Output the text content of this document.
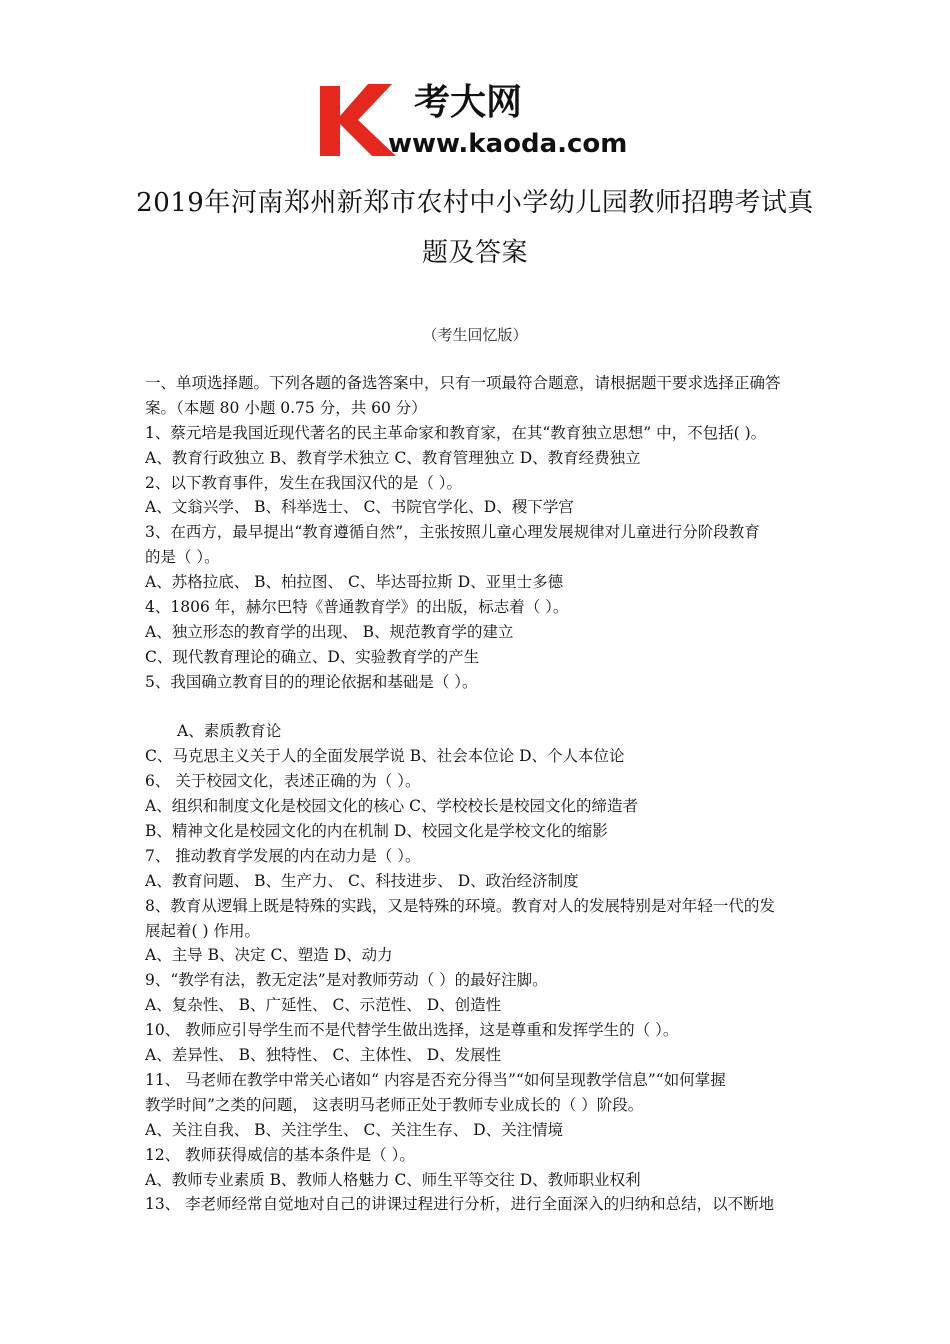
考大网
www.kaoda.com
2019年河南郑州新郑市农村中小学幼儿园教师招聘考试真
题及答案
（考生回忆版）
一、单项选择题。下列各题的备选答案中，只有一项最符合题意，请根据题干要求选择正确答
案。（本题 80 小题 0.75 分，共 60 分）
1、蔡元培是我国近现代著名的民主革命家和教育家，在其“教育独立思想” 中，不包括( )。
A、教育行政独立 B、教育学术独立 C、教育管理独立 D、教育经费独立
2、以下教育事件，发生在我国汉代的是（ ）。
A、文翁兴学、 B、科举选士、 C、书院官学化、D、稷下学宫
3、在西方，最早提出“教育遵循自然”，主张按照儿童心理发展规律对儿童进行分阶段教育
的是（ ）。
A、苏格拉底、 B、柏拉图、 C、毕达哥拉斯 D、亚里士多德
4、1806 年，赫尔巴特《普通教育学》的出版，标志着（ ）。
A、独立形态的教育学的出现、 B、规范教育学的建立
C、现代教育理论的确立、D、实验教育学的产生
5、我国确立教育目的的理论依据和基础是（ ）。
A、素质教育论
C、马克思主义关于人的全面发展学说 B、社会本位论 D、个人本位论
6、 关于校园文化，表述正确的为（ ）。
A、组织和制度文化是校园文化的核心 C、学校校长是校园文化的缔造者
B、精神文化是校园文化的内在机制 D、校园文化是学校文化的缩影
7、 推动教育学发展的内在动力是（ ）。
A、教育问题、 B、生产力、 C、科技进步、 D、政治经济制度
8、教育从逻辑上既是特殊的实践，又是特殊的环境。教育对人的发展特别是对年轻一代的发
展起着( ) 作用。
A、主导 B、决定 C、塑造 D、动力
9、“教学有法，教无定法”是对教师劳动（ ）的最好注脚。
A、复杂性、 B、广延性、 C、示范性、 D、创造性
10、 教师应引导学生而不是代替学生做出选择，这是尊重和发挥学生的（ ）。
A、差异性、 B、独特性、 C、主体性、 D、发展性
11、 马老师在教学中常关心诸如“ 内容是否充分得当”“如何呈现教学信息”“如何掌握
教学时间”之类的问题， 这表明马老师正处于教师专业成长的（ ）阶段。
A、关注自我、 B、关注学生、 C、关注生存、 D、关注情境
12、 教师获得威信的基本条件是（ ）。
A、教师专业素质 B、教师人格魅力 C、师生平等交往 D、教师职业权利
13、 李老师经常自觉地对自己的讲课过程进行分析，进行全面深入的归纳和总结，以不断地
